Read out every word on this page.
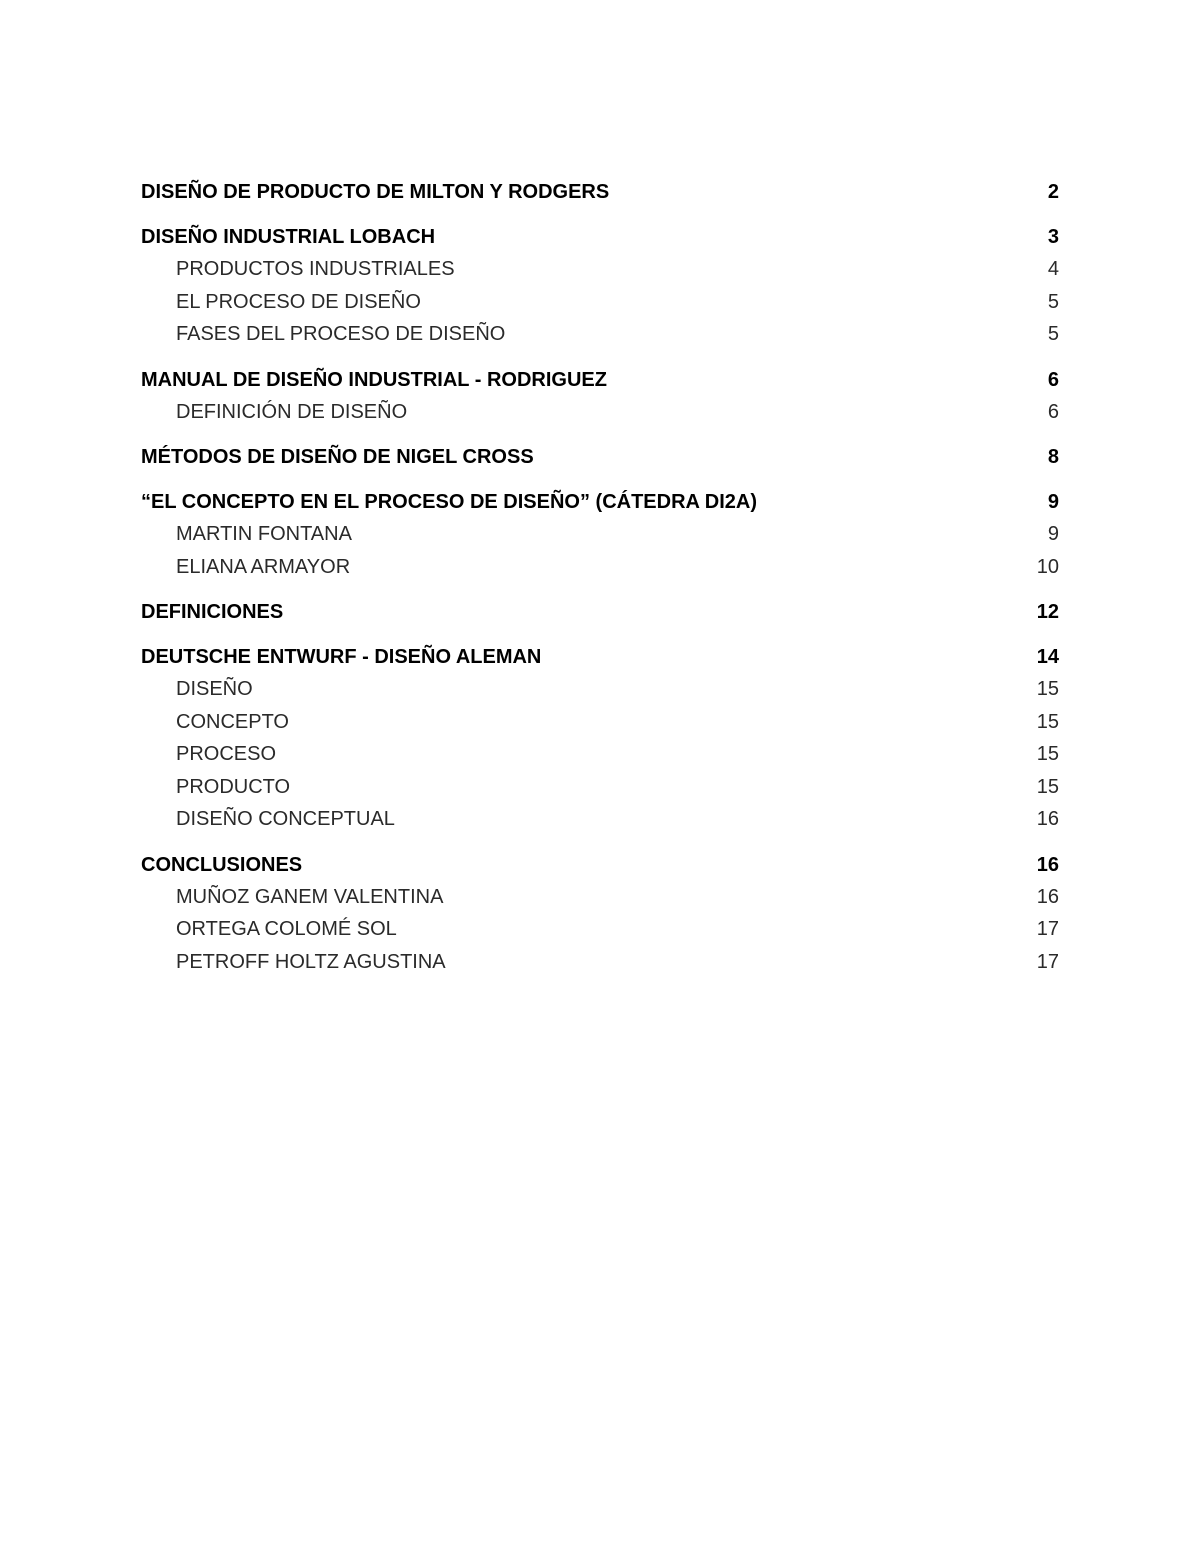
DISEÑO DE PRODUCTO DE MILTON Y RODGERS	2
DISEÑO INDUSTRIAL LOBACH	3
PRODUCTOS INDUSTRIALES	4
EL PROCESO DE DISEÑO	5
FASES DEL PROCESO DE DISEÑO	5
MANUAL DE DISEÑO INDUSTRIAL - RODRIGUEZ	6
DEFINICIÓN DE DISEÑO	6
MÉTODOS DE DISEÑO DE NIGEL CROSS	8
“EL CONCEPTO EN EL PROCESO DE DISEÑO” (CÁTEDRA DI2A)	9
MARTIN FONTANA	9
ELIANA ARMAYOR	10
DEFINICIONES	12
DEUTSCHE ENTWURF - DISEÑO ALEMAN	14
DISEÑO	15
CONCEPTO	15
PROCESO	15
PRODUCTO	15
DISEÑO CONCEPTUAL	16
CONCLUSIONES	16
MUÑOZ GANEM VALENTINA	16
ORTEGA COLOMÉ SOL	17
PETROFF HOLTZ AGUSTINA	17
